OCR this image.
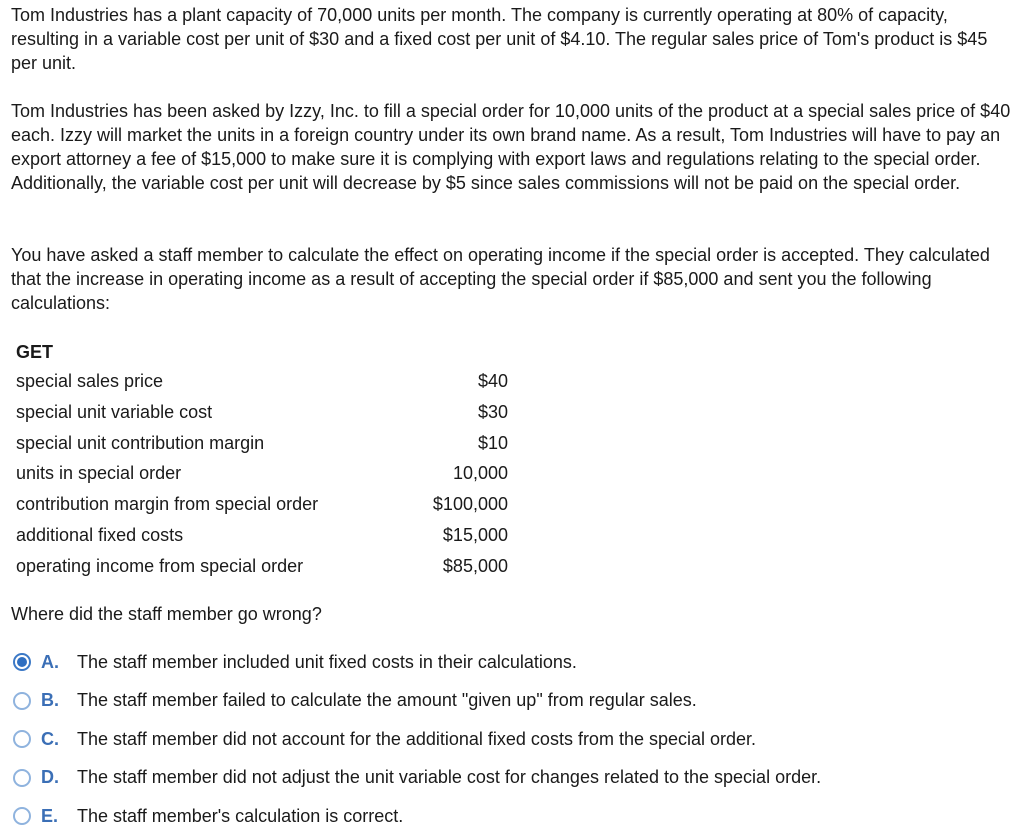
Tom Industries has a plant capacity of 70,000 units per month. The company is currently operating at 80% of capacity, resulting in a variable cost per unit of $30 and a fixed cost per unit of $4.10. The regular sales price of Tom's product is $45 per unit.

Tom Industries has been asked by Izzy, Inc. to fill a special order for 10,000 units of the product at a special sales price of $40 each. Izzy will market the units in a foreign country under its own brand name. As a result, Tom Industries will have to pay an export attorney a fee of $15,000 to make sure it is complying with export laws and regulations relating to the special order. Additionally, the variable cost per unit will decrease by $5 since sales commissions will not be paid on the special order.

You have asked a staff member to calculate the effect on operating income if the special order is accepted. They calculated that the increase in operating income as a result of accepting the special order if $85,000 and sent you the following calculations:

GET
special sales price	$40
special unit variable cost	$30
special unit contribution margin	$10
units in special order	10,000
contribution margin from special order	$100,000
additional fixed costs	$15,000
operating income from special order	$85,000
Where did the staff member go wrong?
A.	The staff member included unit fixed costs in their calculations.
B.	The staff member failed to calculate the amount "given up" from regular sales.
C.	The staff member did not account for the additional fixed costs from the special order.
D.	The staff member did not adjust the unit variable cost for changes related to the special order.
E.	The staff member's calculation is correct.
